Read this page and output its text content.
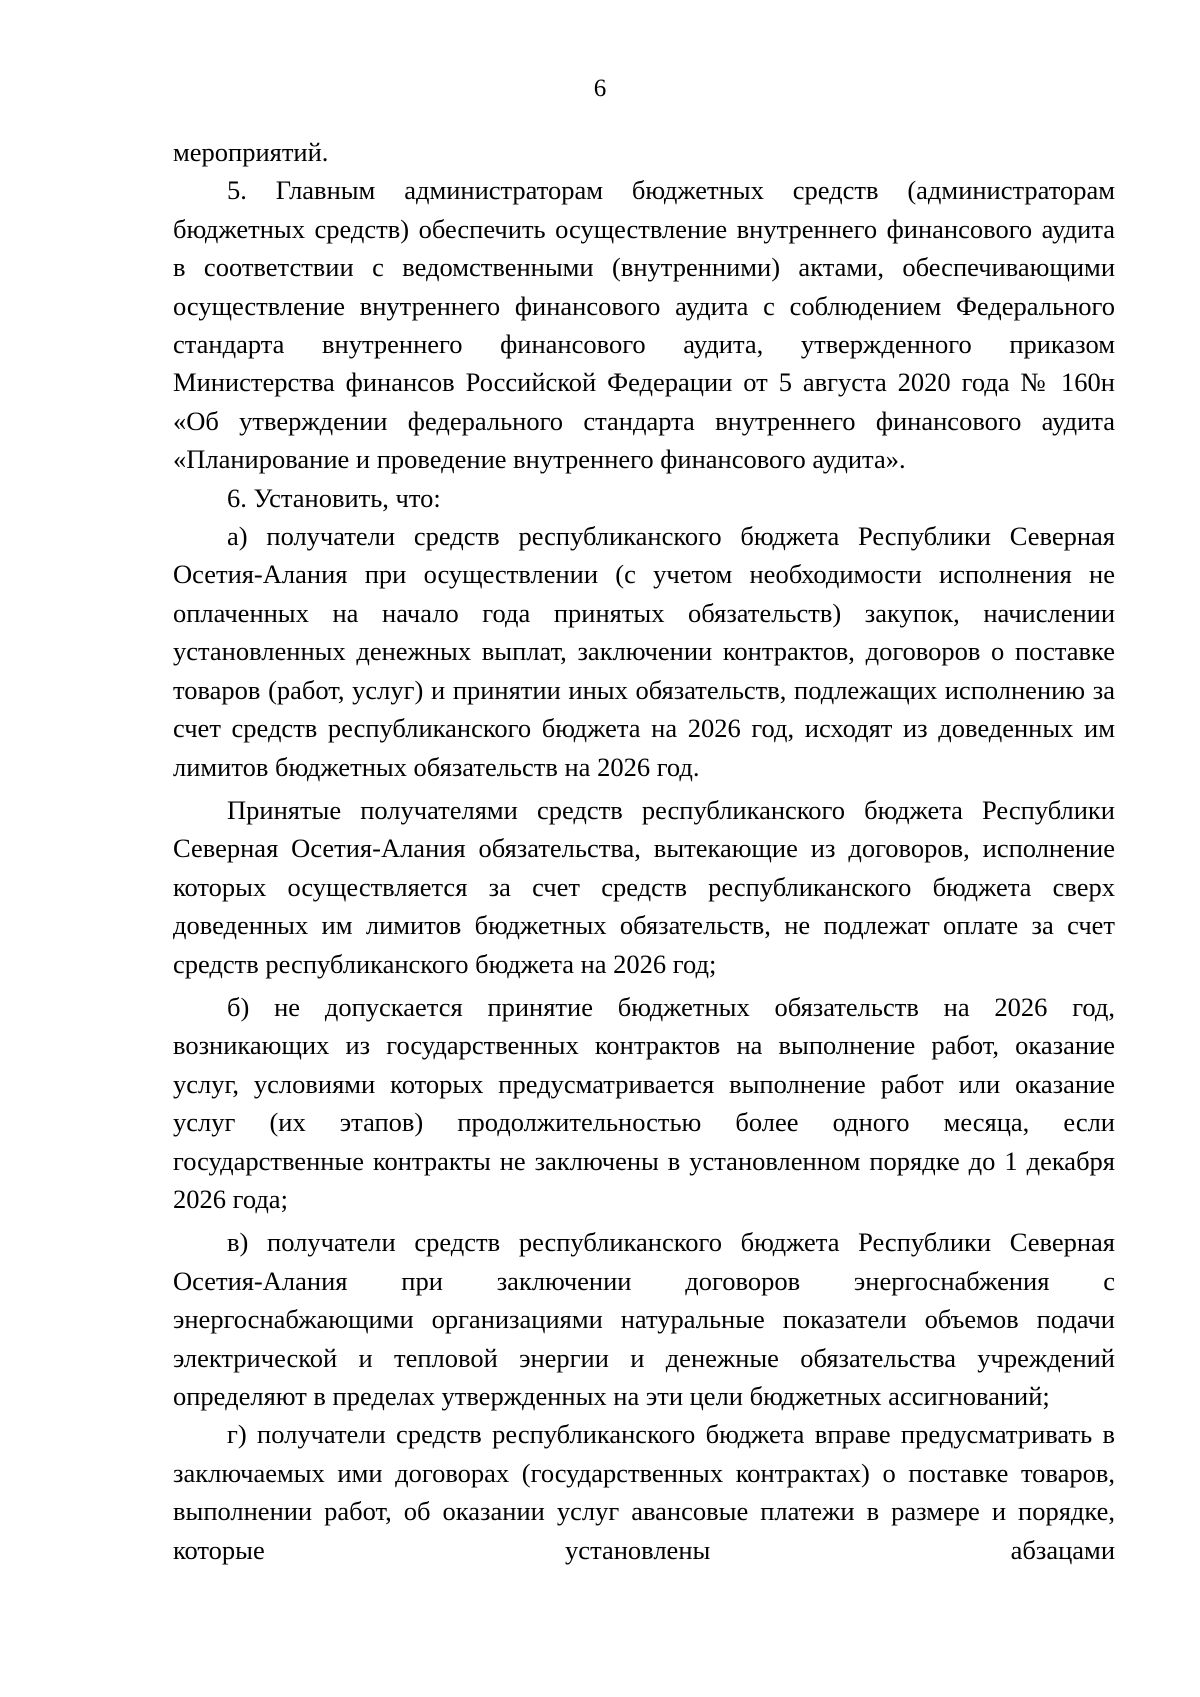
6

мероприятий.

5. Главным администраторам бюджетных средств (администраторам бюджетных средств) обеспечить осуществление внутреннего финансового аудита в соответствии с ведомственными (внутренними) актами, обеспечивающими осуществление внутреннего финансового аудита с соблюдением Федерального стандарта внутреннего финансового аудита, утвержденного приказом Министерства финансов Российской Федерации от 5 августа 2020 года № 160н «Об утверждении федерального стандарта внутреннего финансового аудита «Планирование и проведение внутреннего финансового аудита».

6. Установить, что:

а) получатели средств республиканского бюджета Республики Северная Осетия-Алания при осуществлении (с учетом необходимости исполнения не оплаченных на начало года принятых обязательств) закупок, начислении установленных денежных выплат, заключении контрактов, договоров о поставке товаров (работ, услуг) и принятии иных обязательств, подлежащих исполнению за счет средств республиканского бюджета на 2026 год, исходят из доведенных им лимитов бюджетных обязательств на 2026 год.

Принятые получателями средств республиканского бюджета Республики Северная Осетия-Алания обязательства, вытекающие из договоров, исполнение которых осуществляется за счет средств республиканского бюджета сверх доведенных им лимитов бюджетных обязательств, не подлежат оплате за счет средств республиканского бюджета на 2026 год;

б) не допускается принятие бюджетных обязательств на 2026 год, возникающих из государственных контрактов на выполнение работ, оказание услуг, условиями которых предусматривается выполнение работ или оказание услуг (их этапов) продолжительностью более одного месяца, если государственные контракты не заключены в установленном порядке до 1 декабря 2026 года;

в) получатели средств республиканского бюджета Республики Северная Осетия-Алания при заключении договоров энергоснабжения с энергоснабжающими организациями натуральные показатели объемов подачи электрической и тепловой энергии и денежные обязательства учреждений определяют в пределах утвержденных на эти цели бюджетных ассигнований;

г) получатели средств республиканского бюджета вправе предусматривать в заключаемых ими договорах (государственных контрактах) о поставке товаров, выполнении работ, об оказании услуг авансовые платежи в размере и порядке, которые установлены абзацами
